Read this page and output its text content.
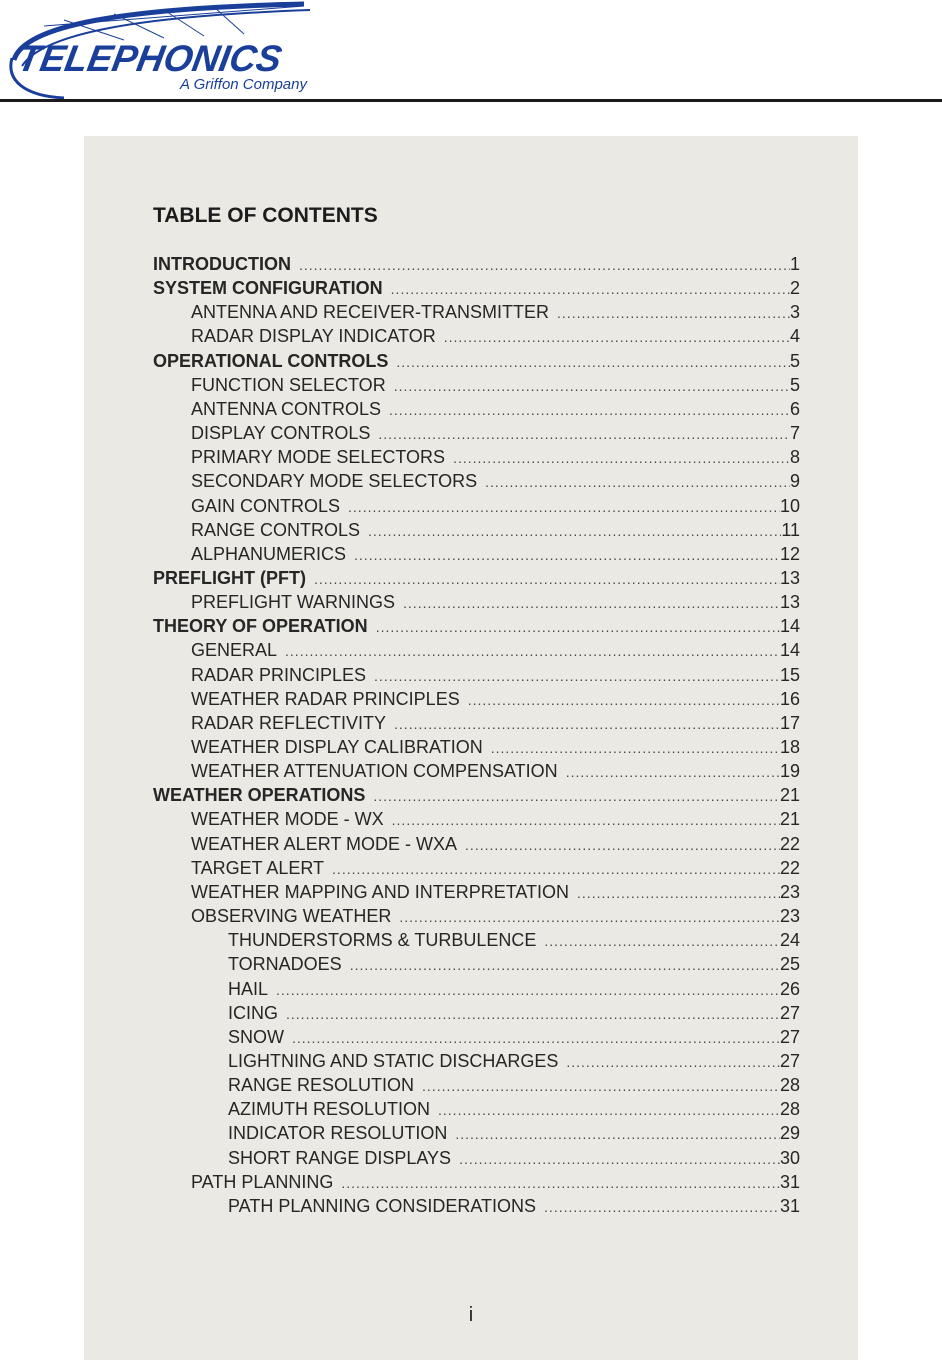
TELEPHONICS
A Griffon Company
TABLE OF CONTENTS
INTRODUCTION .....	1
SYSTEM CONFIGURATION .....	2
ANTENNA AND RECEIVER-TRANSMITTER .....	3
RADAR DISPLAY INDICATOR .....	4
OPERATIONAL CONTROLS .....	5
FUNCTION SELECTOR .....	5
ANTENNA CONTROLS .....	6
DISPLAY CONTROLS .....	7
PRIMARY MODE SELECTORS .....	8
SECONDARY MODE SELECTORS .....	9
GAIN CONTROLS .....	10
RANGE CONTROLS .....	11
ALPHANUMERICS .....	12
PREFLIGHT (PFT) .....	13
PREFLIGHT WARNINGS .....	13
THEORY OF OPERATION .....	14
GENERAL .....	14
RADAR PRINCIPLES .....	15
WEATHER RADAR PRINCIPLES .....	16
RADAR REFLECTIVITY .....	17
WEATHER DISPLAY CALIBRATION .....	18
WEATHER ATTENUATION COMPENSATION .....	19
WEATHER OPERATIONS .....	21
WEATHER MODE - WX .....	21
WEATHER ALERT MODE - WXA .....	22
TARGET ALERT .....	22
WEATHER MAPPING AND INTERPRETATION .....	23
OBSERVING WEATHER .....	23
THUNDERSTORMS & TURBULENCE .....	24
TORNADOES .....	25
HAIL .....	26
ICING .....	27
SNOW .....	27
LIGHTNING AND STATIC DISCHARGES .....	27
RANGE RESOLUTION .....	28
AZIMUTH RESOLUTION .....	28
INDICATOR RESOLUTION .....	29
SHORT RANGE DISPLAYS .....	30
PATH PLANNING .....	31
PATH PLANNING CONSIDERATIONS .....	31
i
